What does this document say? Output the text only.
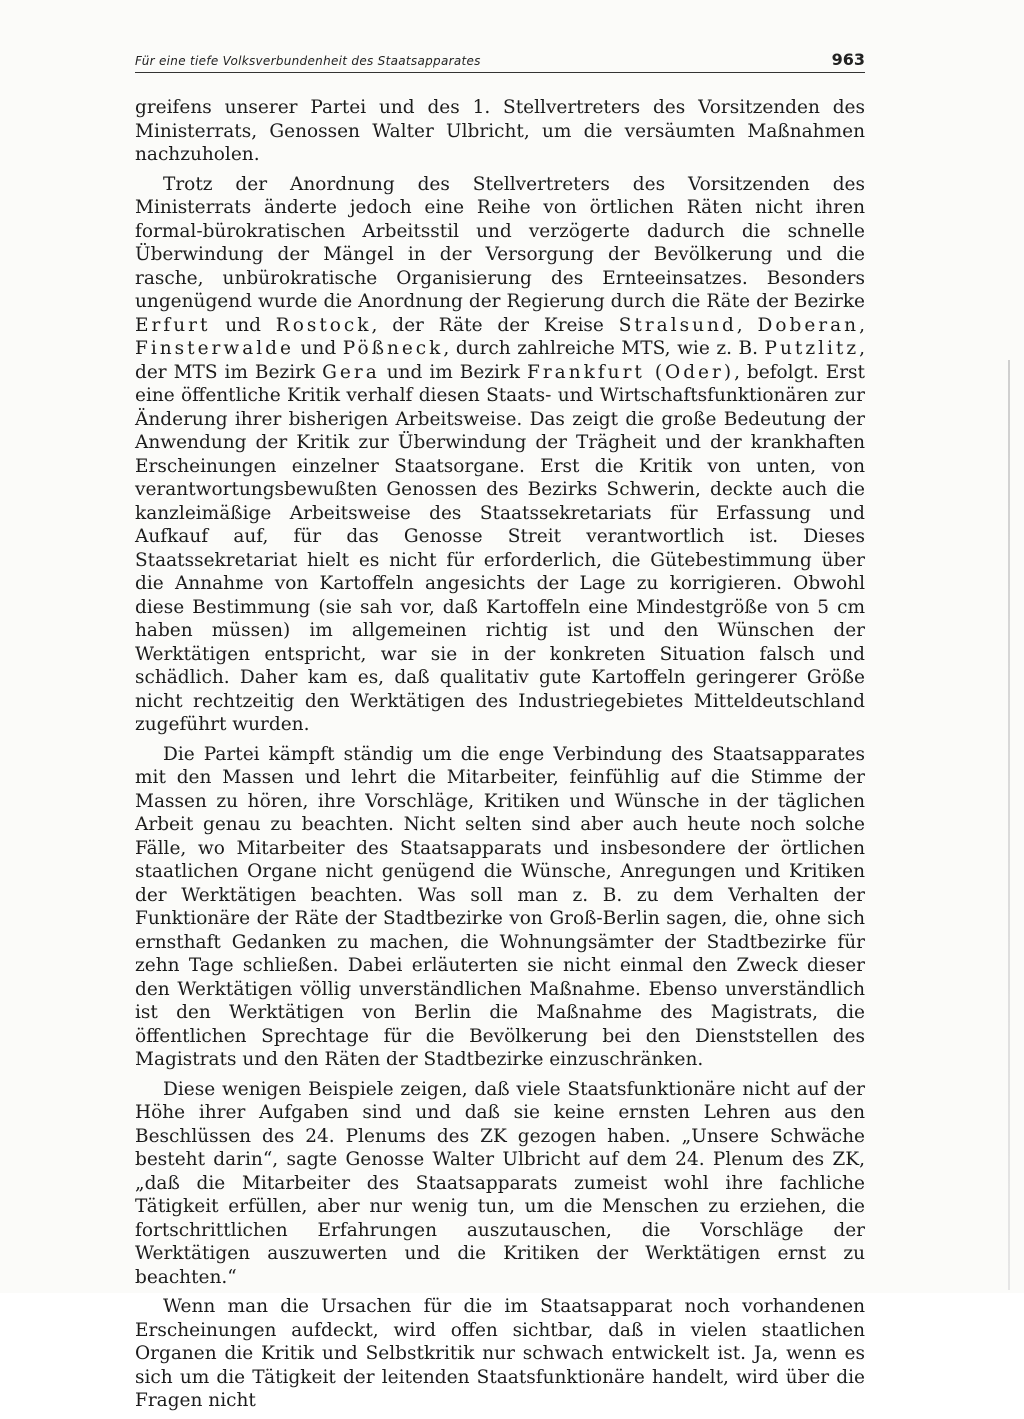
Für eine tiefe Volksverbundenheit des Staatsapparates	963

greifens unserer Partei und des 1. Stellvertreters des Vorsitzenden des Ministerrats, Genossen Walter Ulbricht, um die versäumten Maßnahmen nachzuholen.

Trotz der Anordnung des Stellvertreters des Vorsitzenden des Ministerrats änderte jedoch eine Reihe von örtlichen Räten nicht ihren formal-bürokratischen Arbeitsstil und verzögerte dadurch die schnelle Überwindung der Mängel in der Versorgung der Bevölkerung und die rasche, unbürokratische Organisierung des Ernteeinsatzes. Besonders ungenügend wurde die Anordnung der Regierung durch die Räte der Bezirke Erfurt und Rostock, der Räte der Kreise Stralsund, Doberan, Finsterwalde und Pößneck, durch zahlreiche MTS, wie z. B. Putzlitz, der MTS im Bezirk Gera und im Bezirk Frankfurt (Oder), befolgt. Erst eine öffentliche Kritik verhalf diesen Staats- und Wirtschaftsfunktionären zur Änderung ihrer bisherigen Arbeitsweise. Das zeigt die große Bedeutung der Anwendung der Kritik zur Überwindung der Trägheit und der krankhaften Erscheinungen einzelner Staatsorgane. Erst die Kritik von unten, von verantwortungsbewußten Genossen des Bezirks Schwerin, deckte auch die kanzleimäßige Arbeitsweise des Staatssekretariats für Erfassung und Aufkauf auf, für das Genosse Streit verantwortlich ist. Dieses Staatssekretariat hielt es nicht für erforderlich, die Gütebestimmung über die Annahme von Kartoffeln angesichts der Lage zu korrigieren. Obwohl diese Bestimmung (sie sah vor, daß Kartoffeln eine Mindestgröße von 5 cm haben müssen) im allgemeinen richtig ist und den Wünschen der Werktätigen entspricht, war sie in der konkreten Situation falsch und schädlich. Daher kam es, daß qualitativ gute Kartoffeln geringerer Größe nicht rechtzeitig den Werktätigen des Industriegebietes Mitteldeutschland zugeführt wurden.

Die Partei kämpft ständig um die enge Verbindung des Staatsapparates mit den Massen und lehrt die Mitarbeiter, feinfühlig auf die Stimme der Massen zu hören, ihre Vorschläge, Kritiken und Wünsche in der täglichen Arbeit genau zu beachten. Nicht selten sind aber auch heute noch solche Fälle, wo Mitarbeiter des Staatsapparats und insbesondere der örtlichen staatlichen Organe nicht genügend die Wünsche, Anregungen und Kritiken der Werktätigen beachten. Was soll man z. B. zu dem Verhalten der Funktionäre der Räte der Stadtbezirke von Groß-Berlin sagen, die, ohne sich ernsthaft Gedanken zu machen, die Wohnungsämter der Stadtbezirke für zehn Tage schließen. Dabei erläuterten sie nicht einmal den Zweck dieser den Werktätigen völlig unverständlichen Maßnahme. Ebenso unverständlich ist den Werktätigen von Berlin die Maßnahme des Magistrats, die öffentlichen Sprechtage für die Bevölkerung bei den Dienststellen des Magistrats und den Räten der Stadtbezirke einzuschränken.

Diese wenigen Beispiele zeigen, daß viele Staatsfunktionäre nicht auf der Höhe ihrer Aufgaben sind und daß sie keine ernsten Lehren aus den Beschlüssen des 24. Plenums des ZK gezogen haben. „Unsere Schwäche besteht darin“, sagte Genosse Walter Ulbricht auf dem 24. Plenum des ZK, „daß die Mitarbeiter des Staatsapparats zumeist wohl ihre fachliche Tätigkeit erfüllen, aber nur wenig tun, um die Menschen zu erziehen, die fortschrittlichen Erfahrungen auszutauschen, die Vorschläge der Werktätigen auszuwerten und die Kritiken der Werktätigen ernst zu beachten.“

Wenn man die Ursachen für die im Staatsapparat noch vorhandenen Erscheinungen aufdeckt, wird offen sichtbar, daß in vielen staatlichen Organen die Kritik und Selbstkritik nur schwach entwickelt ist. Ja, wenn es sich um die Tätigkeit der leitenden Staatsfunktionäre handelt, wird über die Fragen nicht
